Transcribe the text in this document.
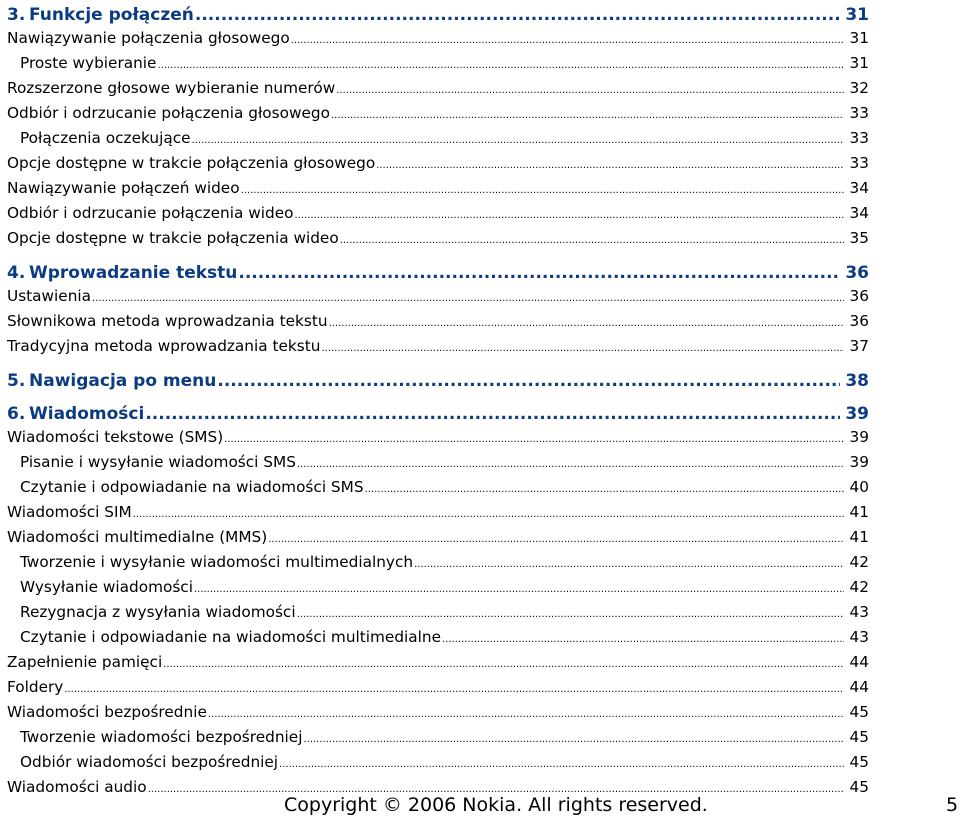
3. Funkcje połączeń .....	31
Nawiązywanie połączenia głosowego .....	31
Proste wybieranie .....	31
Rozszerzone głosowe wybieranie numerów .....	32
Odbiór i odrzucanie połączenia głosowego .....	33
Połączenia oczekujące .....	33
Opcje dostępne w trakcie połączenia głosowego .....	33
Nawiązywanie połączeń wideo .....	34
Odbiór i odrzucanie połączenia wideo .....	34
Opcje dostępne w trakcie połączenia wideo .....	35
4. Wprowadzanie tekstu .....	36
Ustawienia .....	36
Słownikowa metoda wprowadzania tekstu .....	36
Tradycyjna metoda wprowadzania tekstu .....	37
5. Nawigacja po menu .....	38
6. Wiadomości .....	39
Wiadomości tekstowe (SMS) .....	39
Pisanie i wysyłanie wiadomości SMS .....	39
Czytanie i odpowiadanie na wiadomości SMS .....	40
Wiadomości SIM .....	41
Wiadomości multimedialne (MMS) .....	41
Tworzenie i wysyłanie wiadomości multimedialnych .....	42
Wysyłanie wiadomości .....	42
Rezygnacja z wysyłania wiadomości .....	43
Czytanie i odpowiadanie na wiadomości multimedialne .....	43
Zapełnienie pamięci .....	44
Foldery .....	44
Wiadomości bezpośrednie .....	45
Tworzenie wiadomości bezpośredniej .....	45
Odbiór wiadomości bezpośredniej .....	45
Wiadomości audio .....	45
Copyright © 2006 Nokia. All rights reserved.	5
